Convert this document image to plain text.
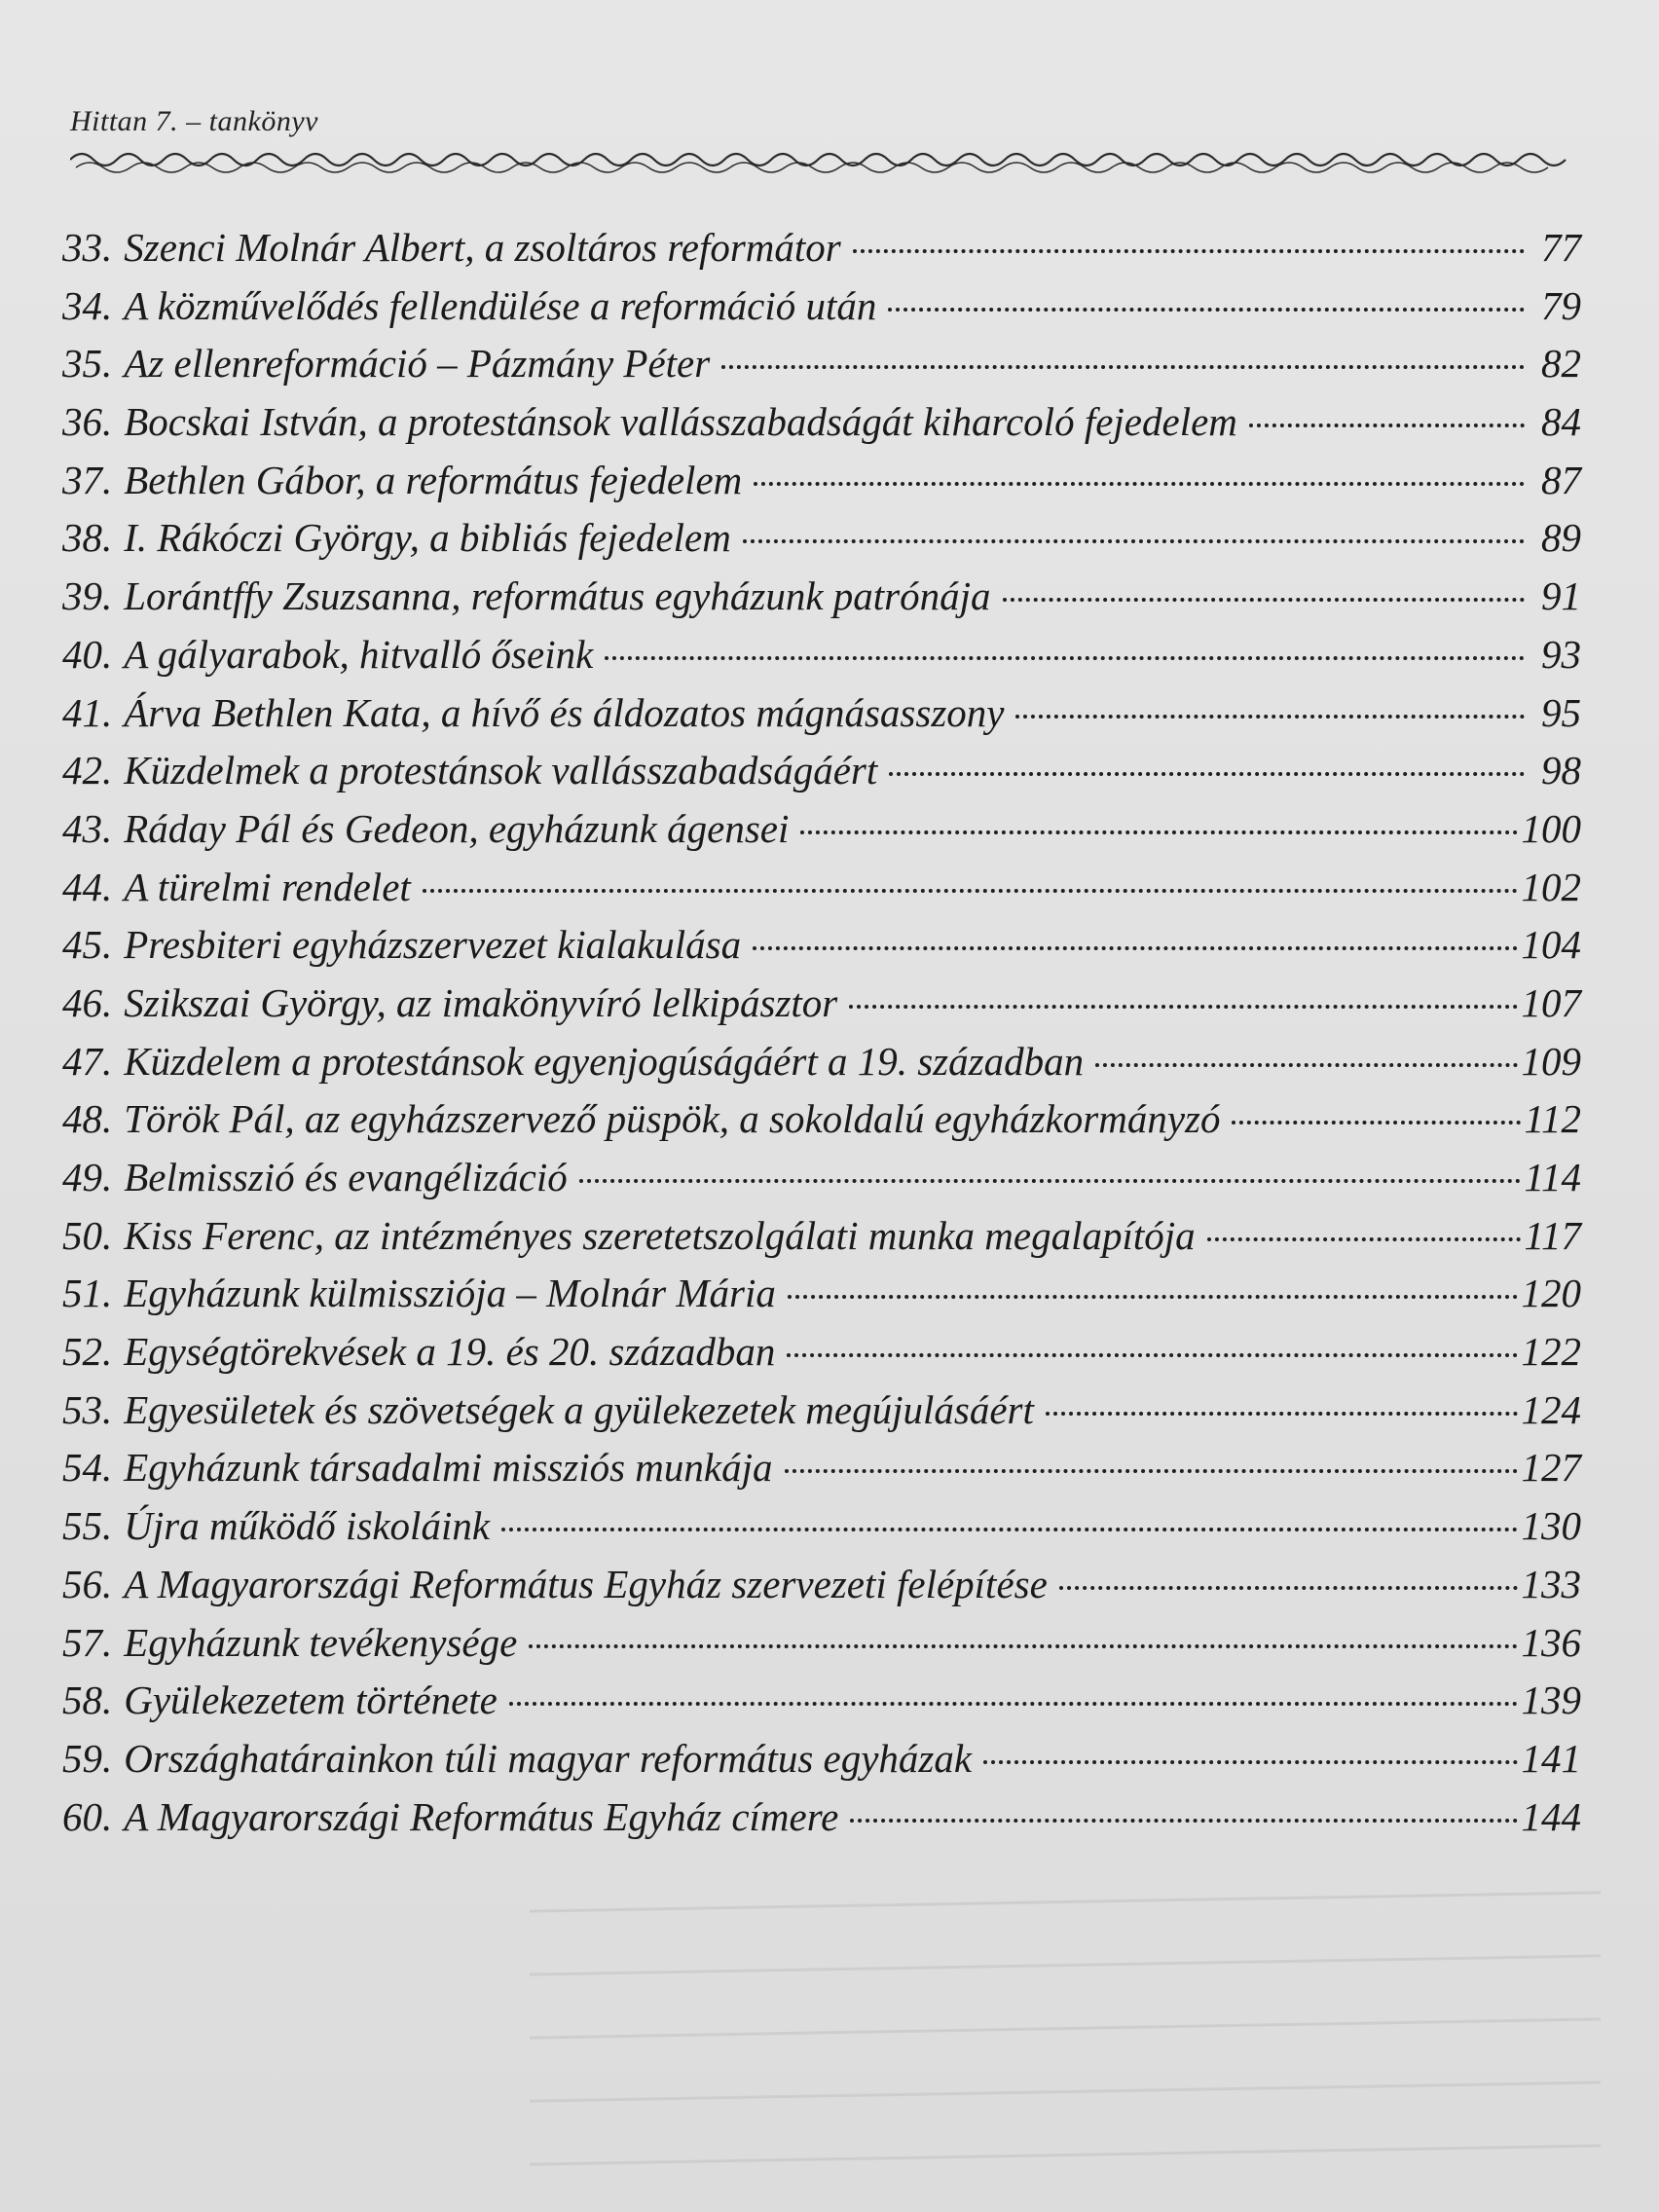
Hittan 7. – tankönyv
33. Szenci Molnár Albert, a zsoltáros reformátor	77
34. A közművelődés fellendülése a reformáció után	79
35. Az ellenreformáció – Pázmány Péter	82
36. Bocskai István, a protestánsok vallásszabadságát kiharcoló fejedelem	84
37. Bethlen Gábor, a református fejedelem	87
38. I. Rákóczi György, a bibliás fejedelem	89
39. Lorántffy Zsuzsanna, református egyházunk patrónája	91
40. A gályarabok, hitvalló őseink	93
41. Árva Bethlen Kata, a hívő és áldozatos mágnásasszony	95
42. Küzdelmek a protestánsok vallásszabadságáért	98
43. Ráday Pál és Gedeon, egyházunk ágensei	100
44. A türelmi rendelet	102
45. Presbiteri egyházszervezet kialakulása	104
46. Szikszai György, az imakönyvíró lelkipásztor	107
47. Küzdelem a protestánsok egyenjogúságáért a 19. században	109
48. Török Pál, az egyházszervező püspök, a sokoldalú egyházkormányzó	112
49. Belmisszió és evangélizáció	114
50. Kiss Ferenc, az intézményes szeretetszolgálati munka megalapítója	117
51. Egyházunk külmissziója – Molnár Mária	120
52. Egységtörekvések a 19. és 20. században	122
53. Egyesületek és szövetségek a gyülekezetek megújulásáért	124
54. Egyházunk társadalmi missziós munkája	127
55. Újra működő iskoláink	130
56. A Magyarországi Református Egyház szervezeti felépítése	133
57. Egyházunk tevékenysége	136
58. Gyülekezetem története	139
59. Országhatárainkon túli magyar református egyházak	141
60. A Magyarországi Református Egyház címere	144
